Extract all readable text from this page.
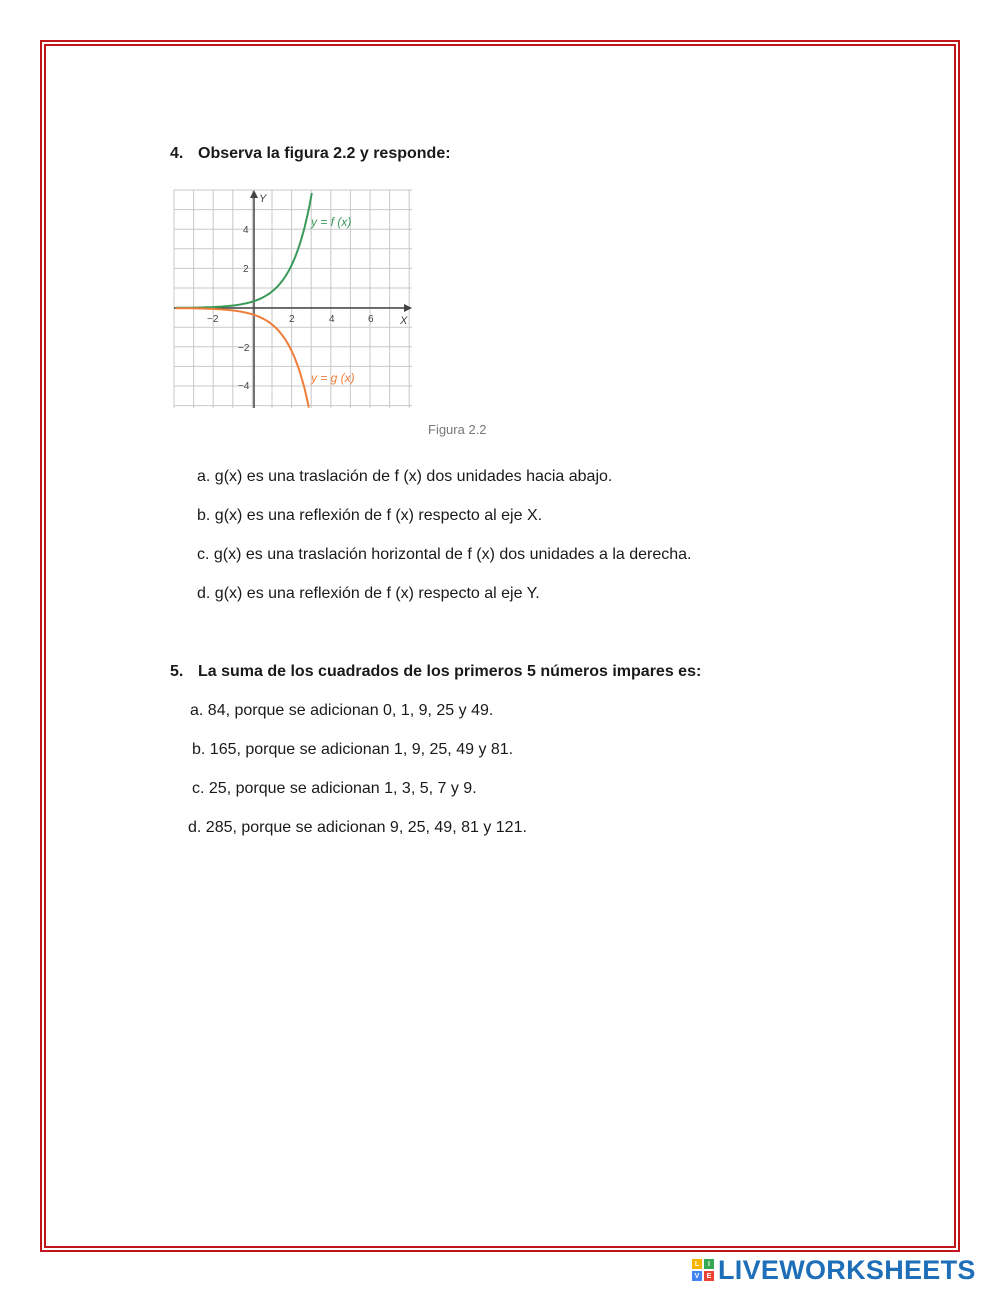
4. Observa la figura 2.2 y responde:

Y
X
−2	2	4	6
4
2
−2
−4
y = f (x)
y = g (x)
Figura 2.2

a. g(x) es una traslación de f (x) dos unidades hacia abajo.

b. g(x) es una reflexión de f (x) respecto al eje X.

c. g(x) es una traslación horizontal de f (x) dos unidades a la derecha.

d. g(x) es una reflexión de f (x) respecto al eje Y.

5. La suma de los cuadrados de los primeros 5 números impares es:

a. 84, porque se adicionan 0, 1, 9, 25 y 49.

b. 165, porque se adicionan 1, 9, 25, 49 y 81.

c. 25, porque se adicionan 1, 3, 5, 7 y 9.

d. 285, porque se adicionan 9, 25, 49, 81 y 121.

L	I
V	E LIVEWORKSHEETS
